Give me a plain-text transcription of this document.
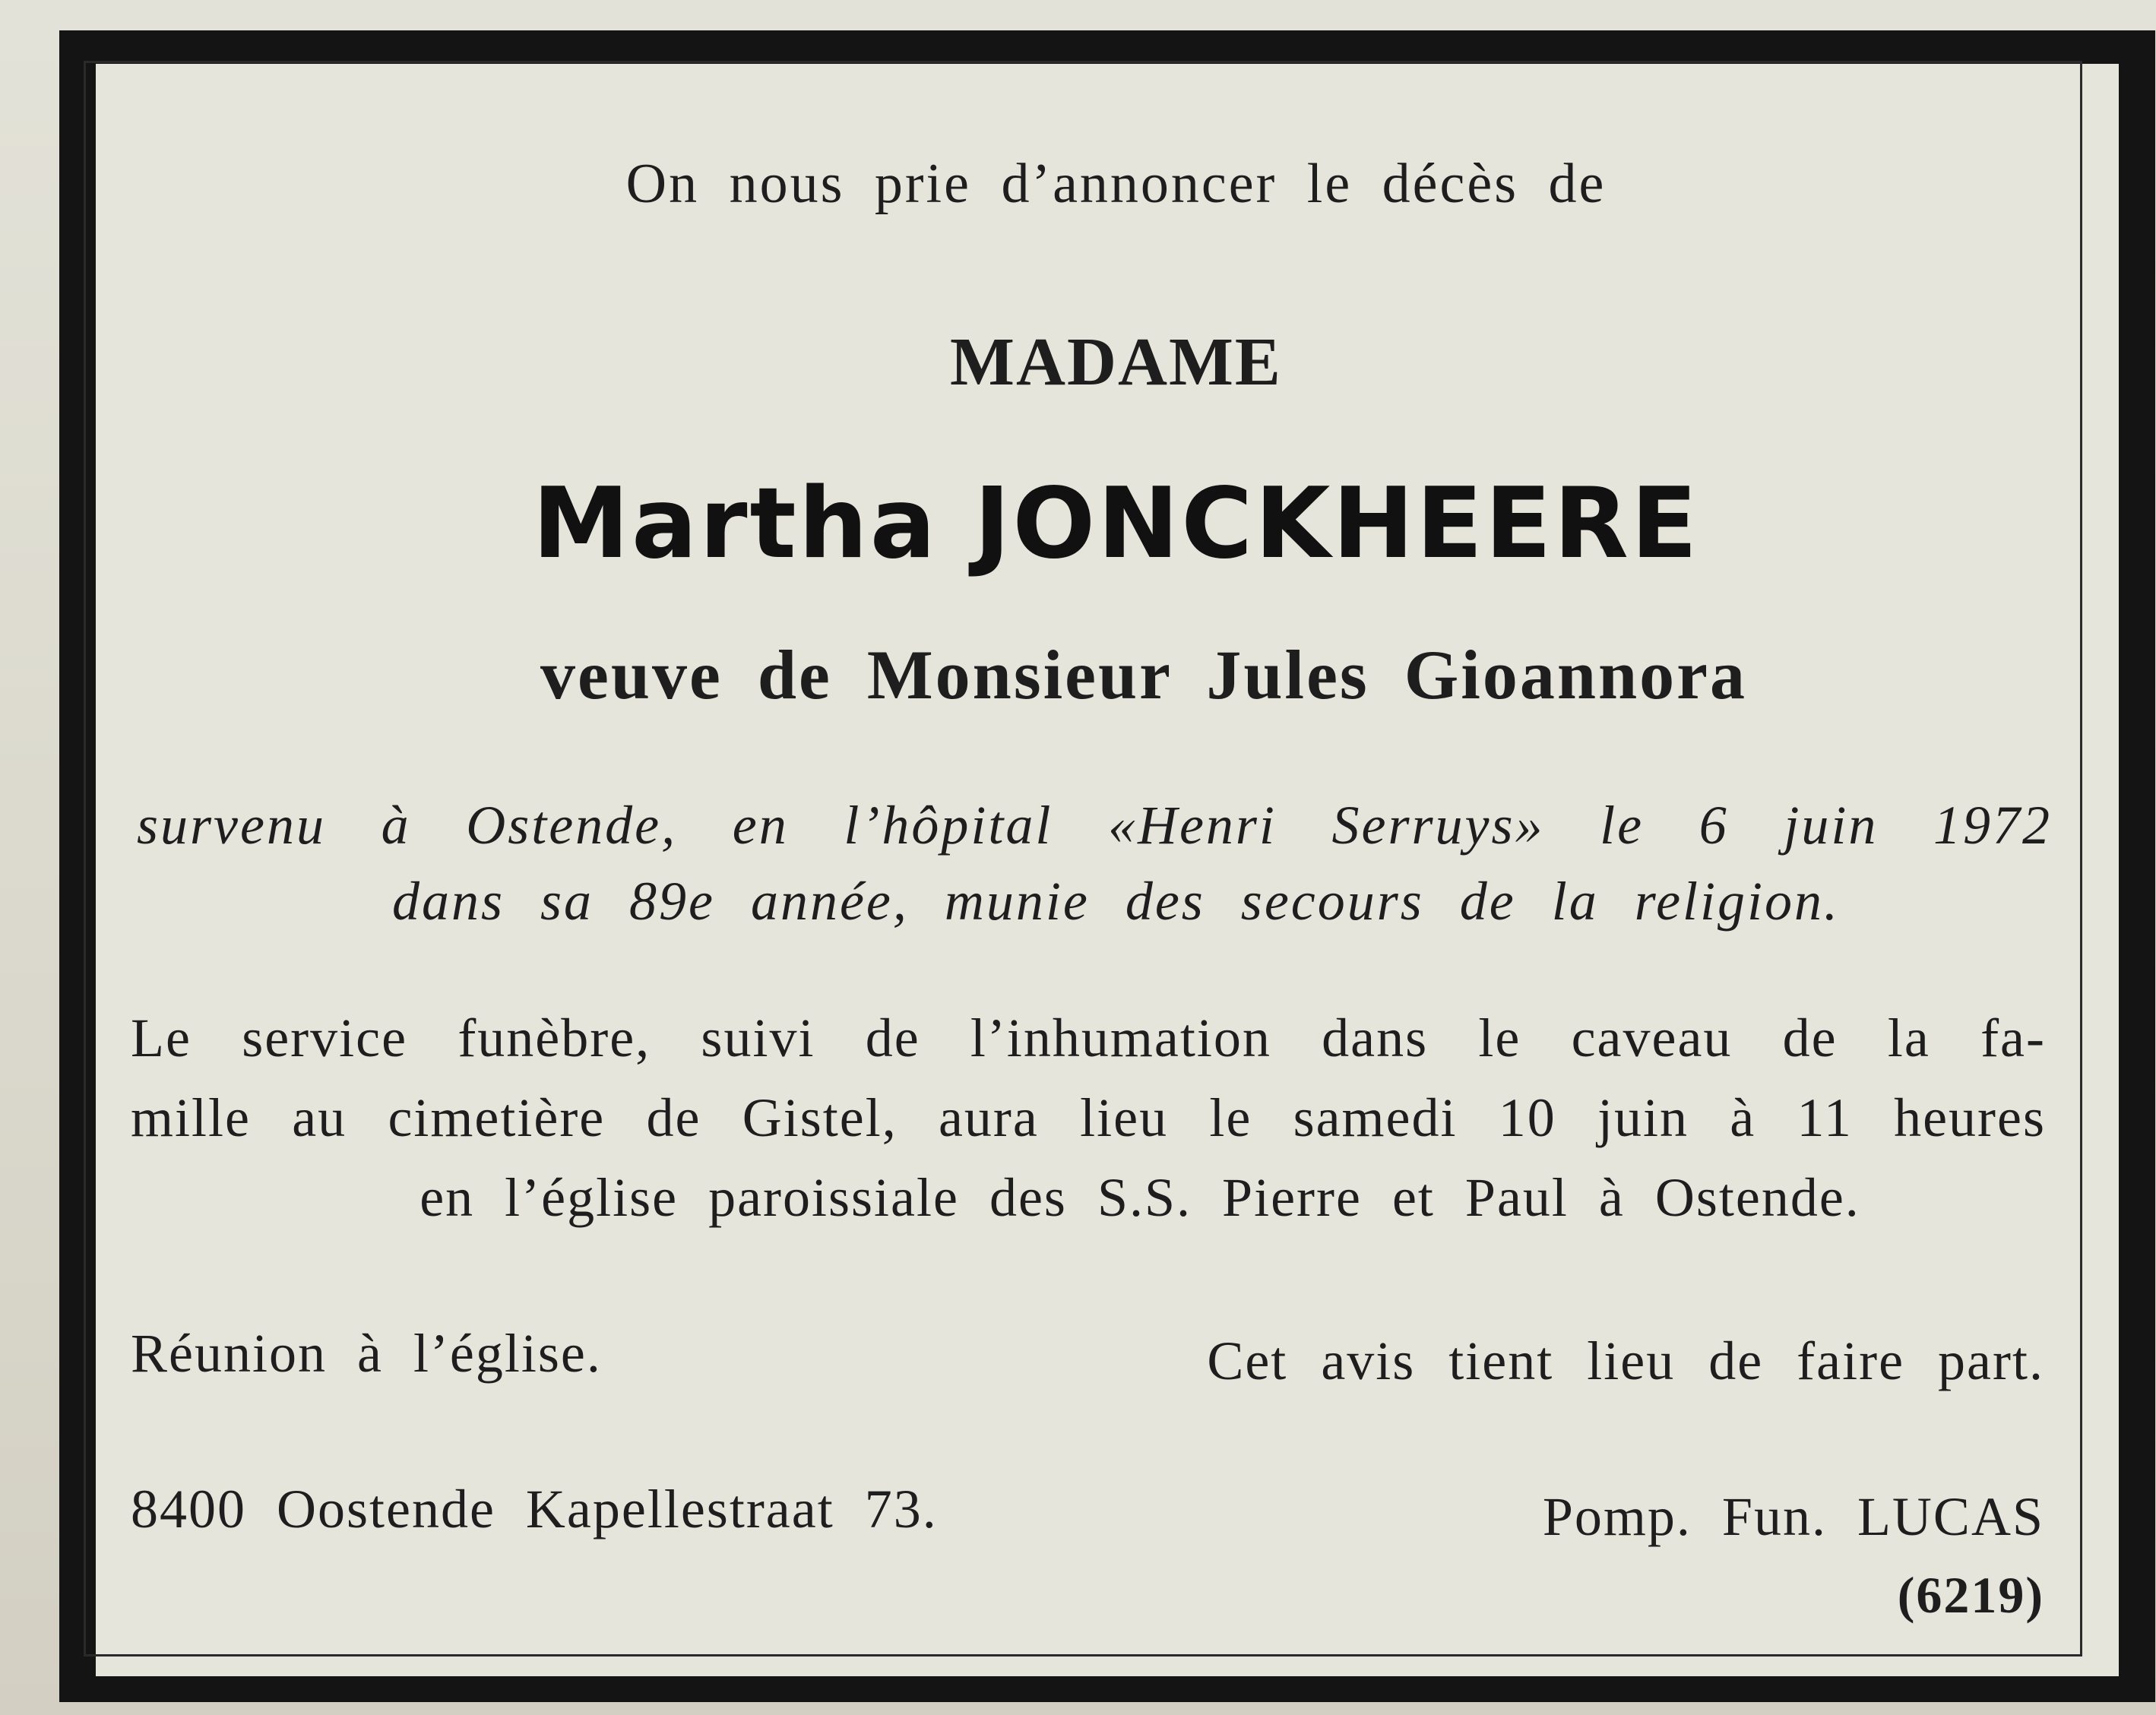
On nous prie d’annoncer le décès de
MADAME
Martha JONCKHEERE
veuve de Monsieur Jules Gioannora
survenu à Ostende, en l’hôpital «Henri Serruys» le 6 juin 1972
dans sa 89e année, munie des secours de la religion.
Le service funèbre, suivi de l’inhumation dans le caveau de la fa-
mille au cimetière de Gistel, aura lieu le samedi 10 juin à 11 heures
en l’église paroissiale des S.S. Pierre et Paul à Ostende.
Réunion à l’église.	Cet avis tient lieu de faire part.
8400 Oostende Kapellestraat 73.	Pomp. Fun. LUCAS
(6219)
